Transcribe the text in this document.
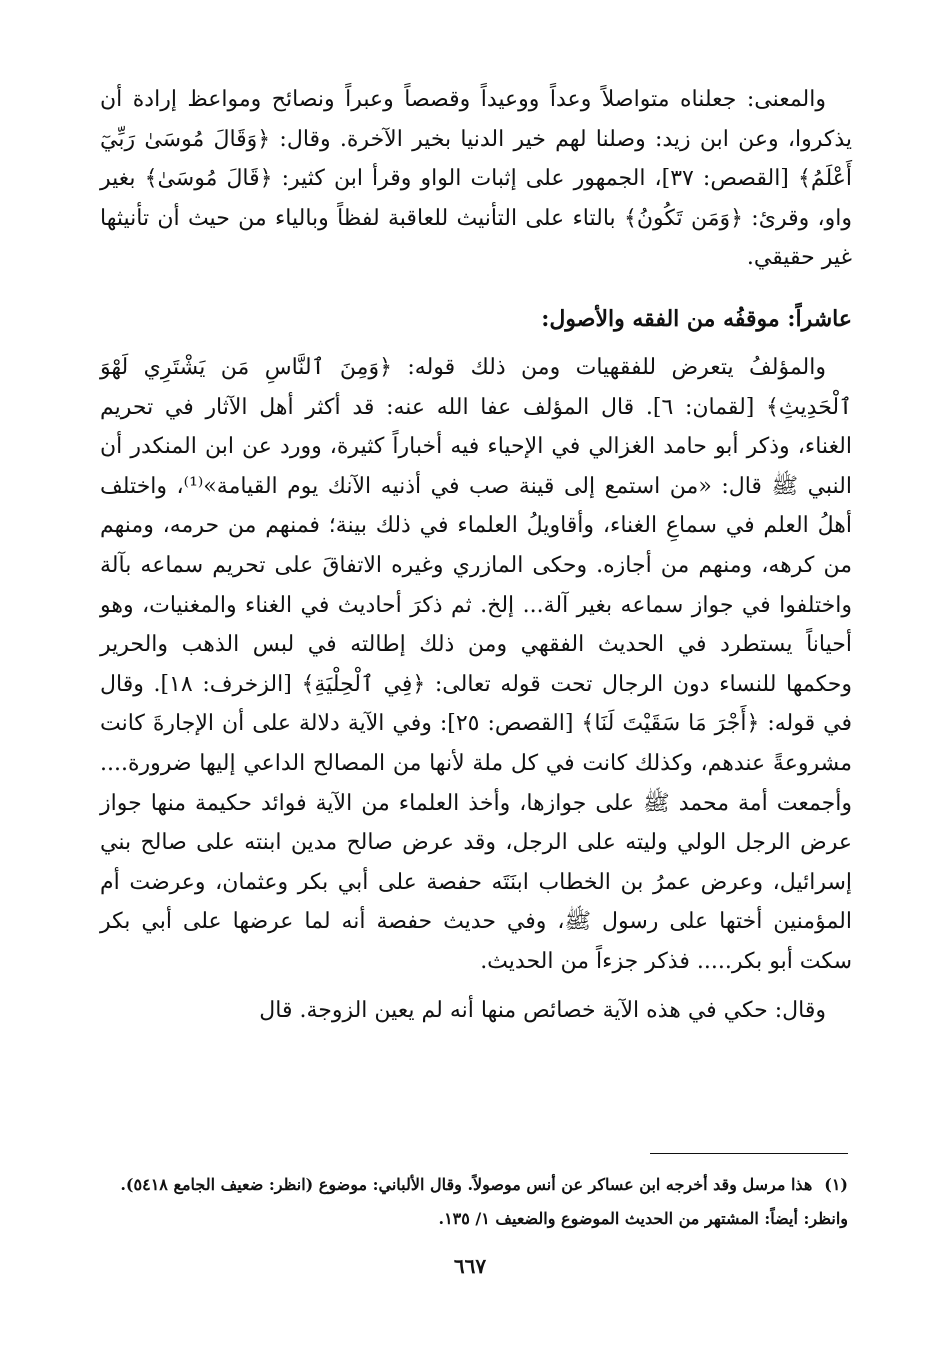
والمعنى: جعلناه متواصلاً وعداً ووعيداً وقصصاً وعبراً ونصائح ومواعظ إرادة أن يذكروا، وعن ابن زيد: وصلنا لهم خير الدنيا بخير الآخرة. وقال: ﴿وَقَالَ مُوسَىٰ رَبِّيٓ أَعْلَمُ﴾ [القصص: ٣٧]، الجمهور على إثبات الواو وقرأ ابن كثير: ﴿قَالَ مُوسَىٰ﴾ بغير واو، وقرئ: ﴿وَمَن تَكُونُ﴾ بالتاء على التأنيث للعاقبة لفظاً وبالياء من حيث أن تأنيثها غير حقيقي.

عاشراً: موقفُه من الفقه والأصول:

والمؤلفُ يتعرض للفقهيات ومن ذلك قوله: ﴿وَمِنَ ٱلنَّاسِ مَن يَشْتَرِي لَهْوَ ٱلْحَدِيثِ﴾ [لقمان: ٦]. قال المؤلف عفا الله عنه: قد أكثر أهل الآثار في تحريم الغناء، وذكر أبو حامد الغزالي في الإحياء فيه أخباراً كثيرة، وورد عن ابن المنكدر أن النبي ﷺ قال: «من استمع إلى قينة صب في أذنيه الآنك يوم القيامة»⁽¹⁾، واختلف أهلُ العلم في سماعِ الغناء، وأقاويلُ العلماء في ذلك بينة؛ فمنهم من حرمه، ومنهم من كرهه، ومنهم من أجازه. وحكى المازري وغيره الاتفاقَ على تحريم سماعه بآلة واختلفوا في جواز سماعه بغير آلة... إلخ. ثم ذكرَ أحاديث في الغناء والمغنيات، وهو أحياناً يستطرد في الحديث الفقهي ومن ذلك إطالته في لبس الذهب والحرير وحكمها للنساء دون الرجال تحت قوله تعالى: ﴿فِي ٱلْحِلْيَةِ﴾ [الزخرف: ١٨]. وقال في قوله: ﴿أَجْرَ مَا سَقَيْتَ لَنَا﴾ [القصص: ٢٥]: وفي الآية دلالة على أن الإجارةَ كانت مشروعةً عندهم، وكذلك كانت في كل ملة لأنها من المصالح الداعي إليها ضرورة.... وأجمعت أمة محمد ﷺ على جوازها، وأخذ العلماء من الآية فوائد حكيمة منها جواز عرض الرجل الولي وليته على الرجل، وقد عرض صالح مدين ابنته على صالح بني إسرائيل، وعرض عمرُ بن الخطاب ابنَتَه حفصة على أبي بكر وعثمان، وعرضت أم المؤمنين أختها على رسول ﷺ، وفي حديث حفصة أنه لما عرضها على أبي بكر سكت أبو بكر..... فذكر جزءاً من الحديث.

وقال: حكي في هذه الآية خصائص منها أنه لم يعين الزوجة. قال

(١)هذا مرسل وقد أخرجه ابن عساكر عن أنس موصولاً. وقال الألباني: موضوع (انظر: ضعيف الجامع ٥٤١٨). وانظر: أيضاً: المشتهر من الحديث الموضوع والضعيف ١/ ١٣٥.

٦٦٧
